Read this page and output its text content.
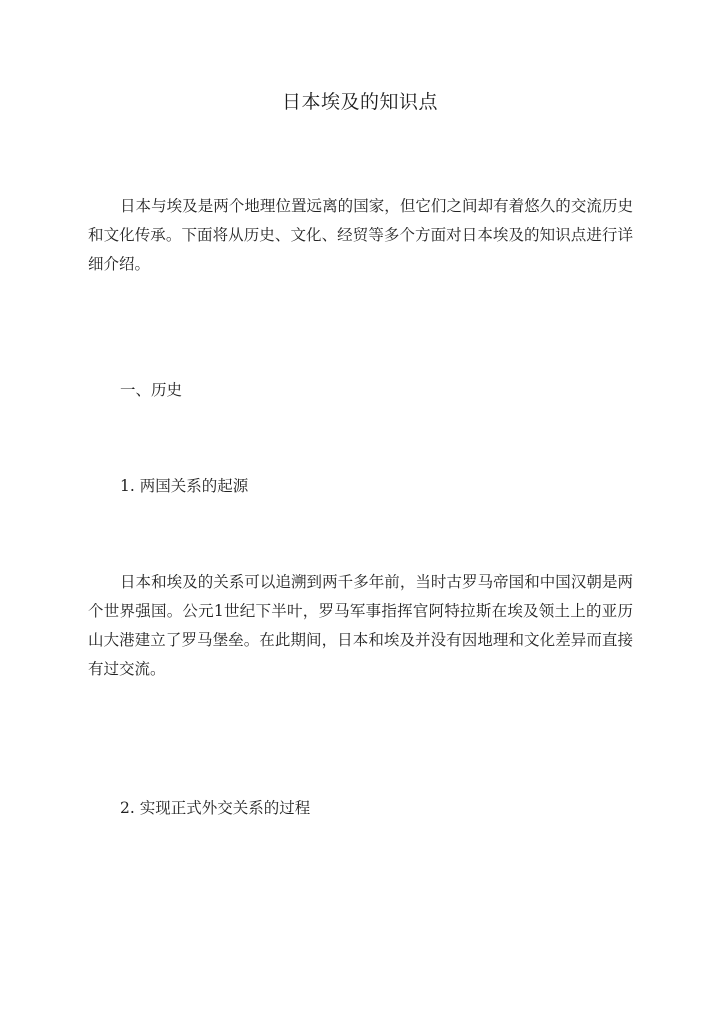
日本埃及的知识点
日本与埃及是两个地理位置远离的国家，但它们之间却有着悠久的交流历史和文化传承。下面将从历史、文化、经贸等多个方面对日本埃及的知识点进行详细介绍。
一、历史
1. 两国关系的起源
日本和埃及的关系可以追溯到两千多年前，当时古罗马帝国和中国汉朝是两个世界强国。公元1世纪下半叶，罗马军事指挥官阿特拉斯在埃及领土上的亚历山大港建立了罗马堡垒。在此期间，日本和埃及并没有因地理和文化差异而直接有过交流。
2. 实现正式外交关系的过程
